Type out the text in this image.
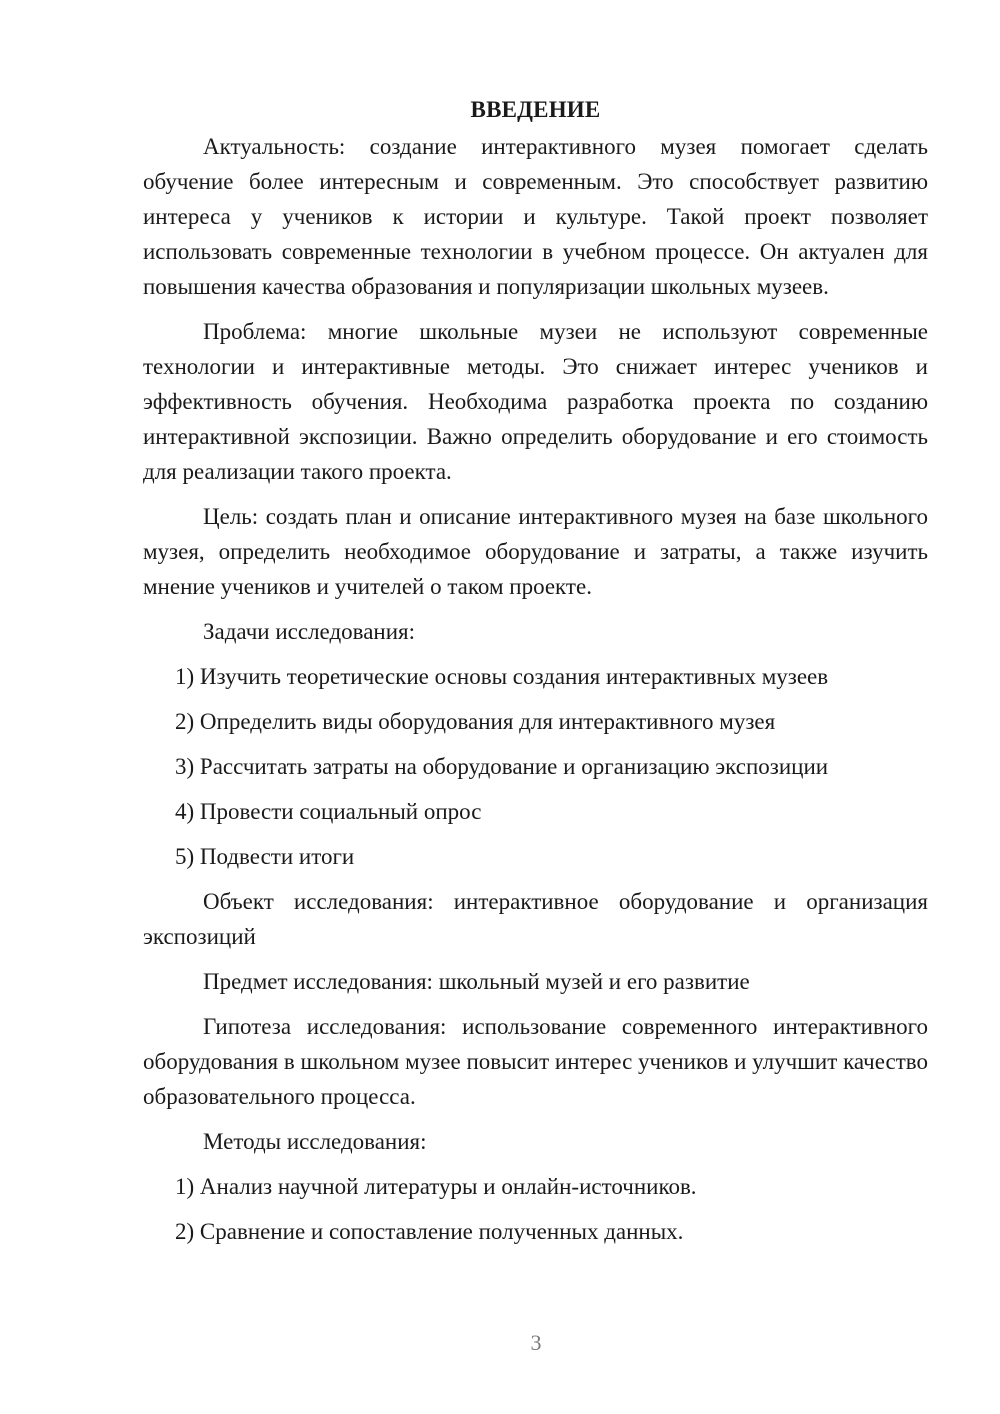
ВВЕДЕНИЕ

Актуальность: создание интерактивного музея помогает сделать обучение более интересным и современным. Это способствует развитию интереса у учеников к истории и культуре. Такой проект позволяет использовать современные технологии в учебном процессе. Он актуален для повышения качества образования и популяризации школьных музеев.

Проблема: многие школьные музеи не используют современные технологии и интерактивные методы. Это снижает интерес учеников и эффективность обучения. Необходима разработка проекта по созданию интерактивной экспозиции. Важно определить оборудование и его стоимость для реализации такого проекта.

Цель: создать план и описание интерактивного музея на базе школьного музея, определить необходимое оборудование и затраты, а также изучить мнение учеников и учителей о таком проекте.

Задачи исследования:

1) Изучить теоретические основы создания интерактивных музеев
2) Определить виды оборудования для интерактивного музея
3) Рассчитать затраты на оборудование и организацию экспозиции
4) Провести социальный опрос
5) Подвести итоги

Объект исследования: интерактивное оборудование и организация экспозиций

Предмет исследования: школьный музей и его развитие

Гипотеза исследования: использование современного интерактивного оборудования в школьном музее повысит интерес учеников и улучшит качество образовательного процесса.

Методы исследования:

1) Анализ научной литературы и онлайн-источников.
2) Сравнение и сопоставление полученных данных.
3
